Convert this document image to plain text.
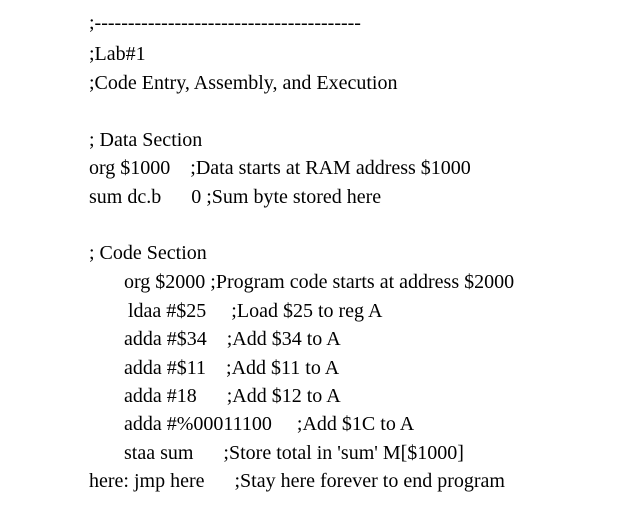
;----------------------------------------
;Lab#1
;Code Entry, Assembly, and Execution
; Data Section
org $1000    ;Data starts at RAM address $1000
sum dc.b      0 ;Sum byte stored here
; Code Section
org $2000 ;Program code starts at address $2000
ldaa #$25     ;Load $25 to reg A
adda #$34    ;Add $34 to A
adda #$11    ;Add $11 to A
adda #18      ;Add $12 to A
adda #%00011100     ;Add $1C to A
staa sum      ;Store total in 'sum' M[$1000]
here: jmp here      ;Stay here forever to end program
